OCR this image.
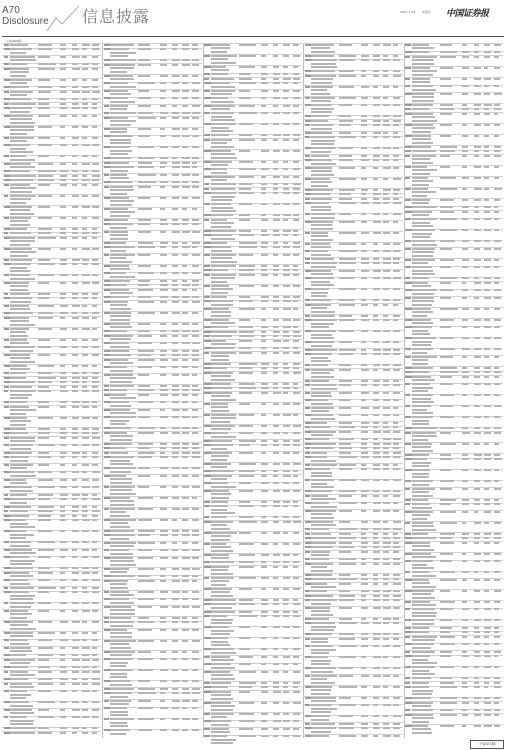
A70
Disclosure 信息披露	2021.7.29 星期四 中国证券报
（上接A69版）
（下转A71版）
